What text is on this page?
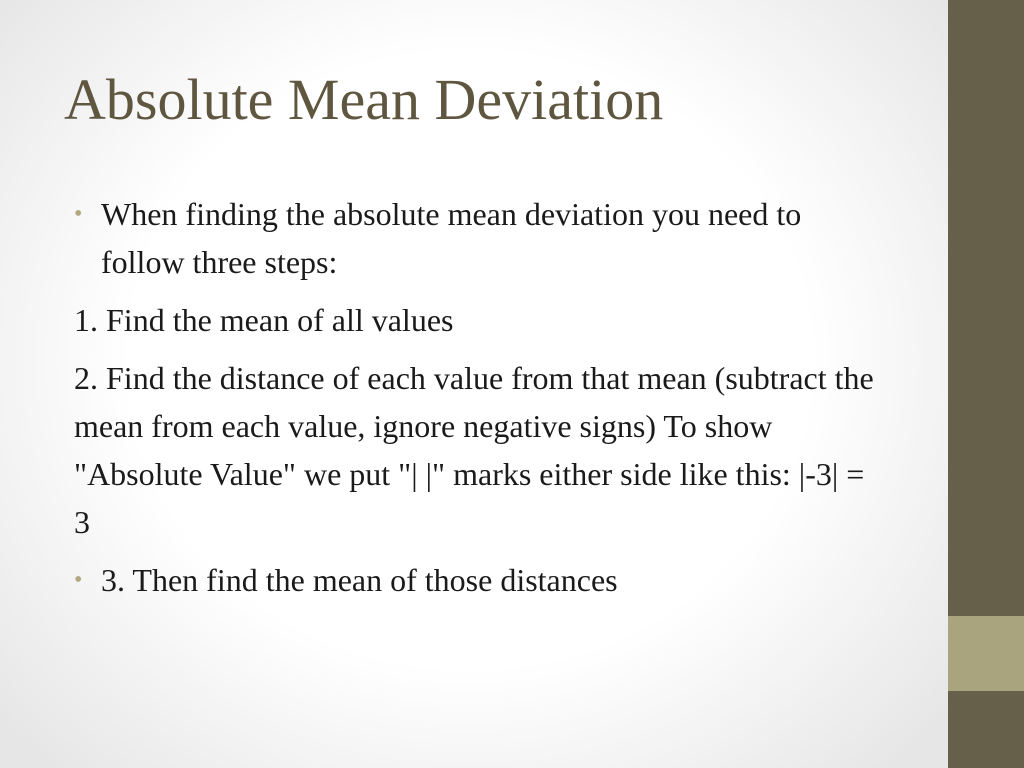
Absolute Mean Deviation

• When finding the absolute mean deviation you need to follow three steps:

1. Find the mean of all values

2. Find the distance of each value from that mean (subtract the mean from each value, ignore negative signs) To show "Absolute Value" we put "| |" marks either side like this: |-3| = 3

• 3. Then find the mean of those distances
